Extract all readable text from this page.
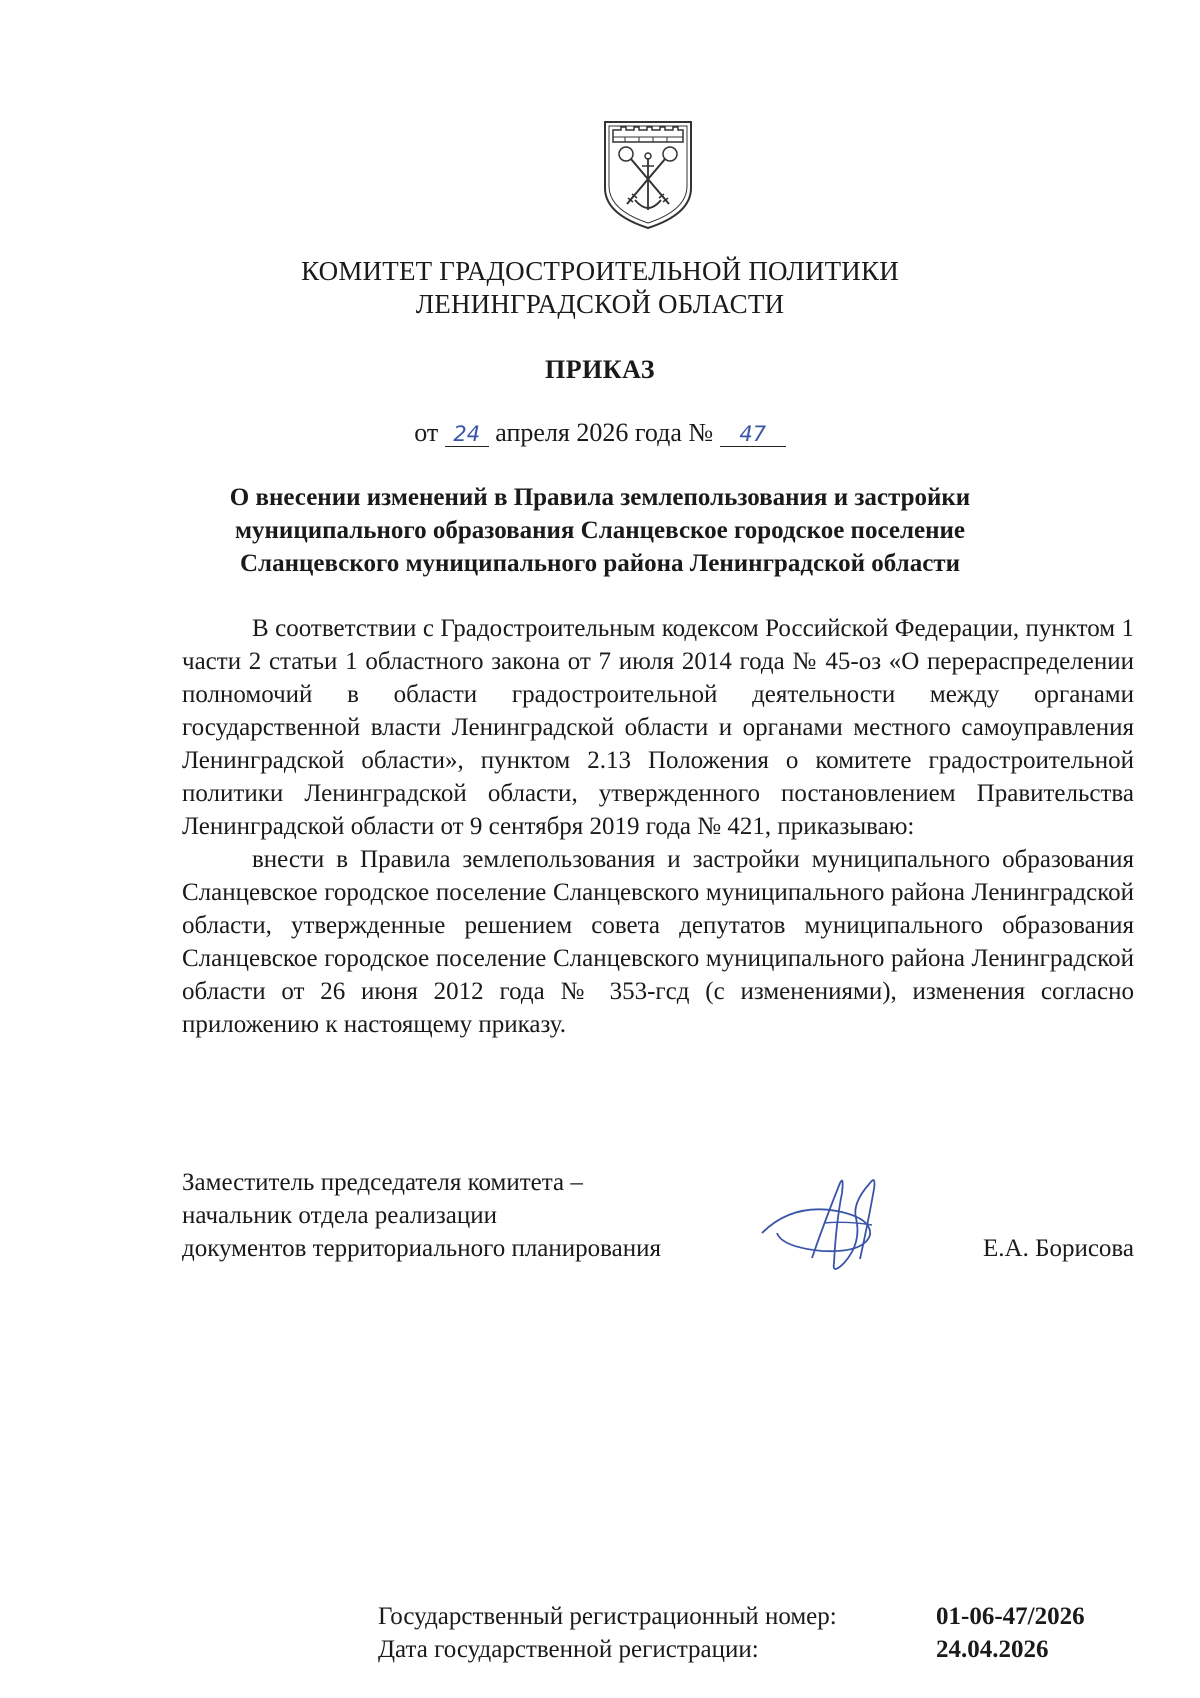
КОМИТЕТ ГРАДОСТРОИТЕЛЬНОЙ ПОЛИТИКИ
ЛЕНИНГРАДСКОЙ ОБЛАСТИ
ПРИКАЗ
от 24 апреля 2026 года № 47
О внесении изменений в Правила землепользования и застройки
муниципального образования Сланцевское городское поселение
Сланцевского муниципального района Ленинградской области

В соответствии с Градостроительным кодексом Российской Федерации, пунктом 1 части 2 статьи 1 областного закона от 7 июля 2014 года № 45-оз «О перераспределении полномочий в области градостроительной деятельности между органами государственной власти Ленинградской области и органами местного самоуправления Ленинградской области», пунктом 2.13 Положения о комитете градостроительной политики Ленинградской области, утвержденного постановлением Правительства Ленинградской области от 9 сентября 2019 года № 421, приказываю:

внести в Правила землепользования и застройки муниципального образования Сланцевское городское поселение Сланцевского муниципального района Ленинградской области, утвержденные решением совета депутатов муниципального образования Сланцевское городское поселение Сланцевского муниципального района Ленинградской области от 26 июня 2012 года № 353-гсд (с изменениями), изменения согласно приложению к настоящему приказу.

Заместитель председателя комитета –
начальник отдела реализации
документов территориального планирования	Е.А. Борисова
Государственный регистрационный номер:	01-06-47/2026
Дата государственной регистрации:	24.04.2026
